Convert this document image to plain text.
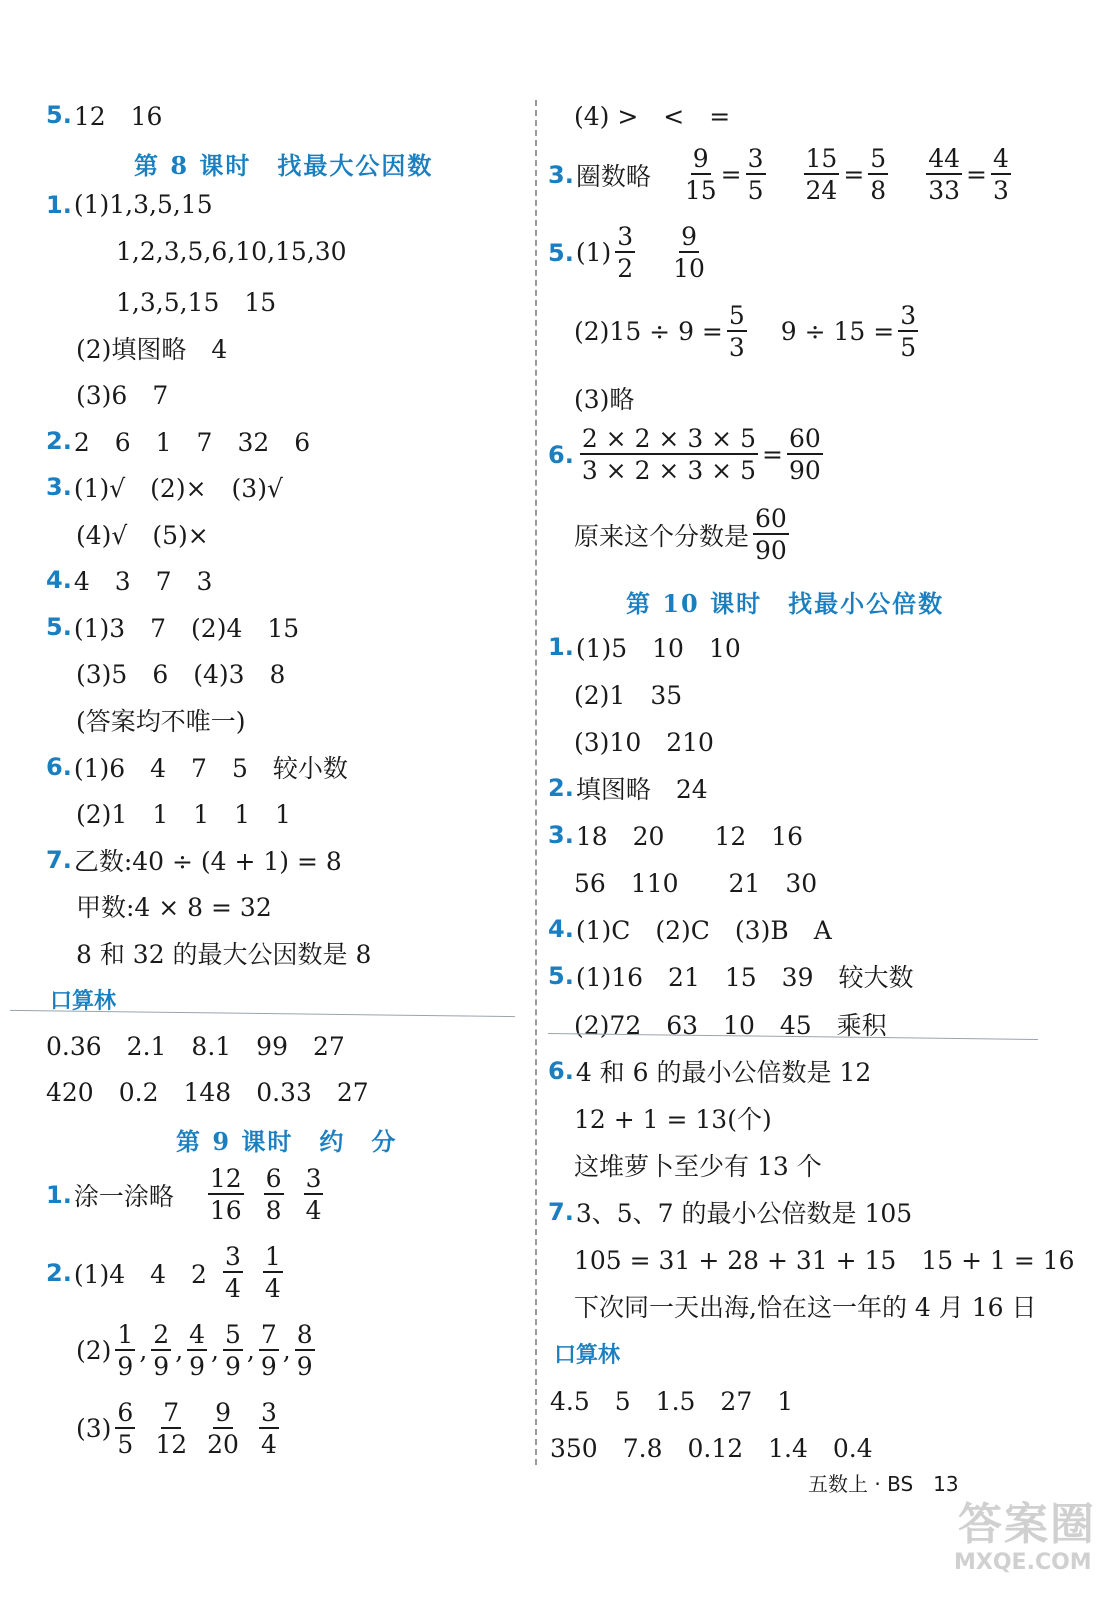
5. 12　16
第 8 课时　找最大公因数
1. (1)1,3,5,15
1,2,3,5,6,10,15,30
1,3,5,15　15
(2)填图略　4
(3)6　7
2. 2　6　1　7　32　6
3. (1)√　(2)×　(3)√
(4)√　(5)×
4. 4　3　7　3
5. (1)3　7　(2)4　15
(3)5　6　(4)3　8
(答案均不唯一)
6. (1)6　4　7　5　较小数
(2)1　1　1　1　1
7. 乙数:40 ÷ (4 + 1) = 8
甲数:4 × 8 = 32
8 和 32 的最大公因数是 8
口算林
0.36　2.1　8.1　99　27
420　0.2　148　0.33　27
第 9 课时　约　分
1. 涂一涂略 $\frac{12}{16} \frac{6}{8} \frac{3}{4}$
2. (1)4　4　$2 \frac{3}{4} \frac{1}{4}$
$(2) \frac{1}{9}$ , $\frac{2}{9}$ , $\frac{4}{9}$ , $\frac{5}{9}$ , $\frac{7}{9}$ , $\frac{8}{9}$
$(3) \frac{6}{5} \frac{7}{12} \frac{9}{20} \frac{3}{4}$
(4) >　<　=
3. 圈数略 $\frac{9}{15} = \frac{3}{5} \frac{15}{24} = \frac{5}{8} \frac{44}{33} = \frac{4}{3}$
5. $(1) \frac{3}{2} \frac{9}{10}$
$(2)15 \div 9 = \frac{5}{3} 9 \div 15 = \frac{3}{5}$
(3)略
6. $\frac{2 \times 2 \times 3 \times 5}{3 \times 2 \times 3 \times 5} = \frac{60}{90}$
原来这个分数是 $\frac{60}{90}$
第 10 课时　找最小公倍数
1. (1)5　10　10
(2)1　35
(3)10　210
2. 填图略　24
3. 18　20　　12　16
56　110　　21　30
4. (1)C　(2)C　(3)B　A
5. (1)16　21　15　39　较大数
(2)72　63　10　45　乘积
6. 4 和 6 的最小公倍数是 12
12 + 1 = 13(个)
这堆萝卜至少有 13 个
7. 3、5、7 的最小公倍数是 105
105 = 31 + 28 + 31 + 15　15 + 1 = 16
下次同一天出海,恰在这一年的 4 月 16 日
口算林
4.5　5　1.5　27　1
350　7.8　0.12　1.4　0.4
五数上 · BS　13
答案圈
MXQE.COM
